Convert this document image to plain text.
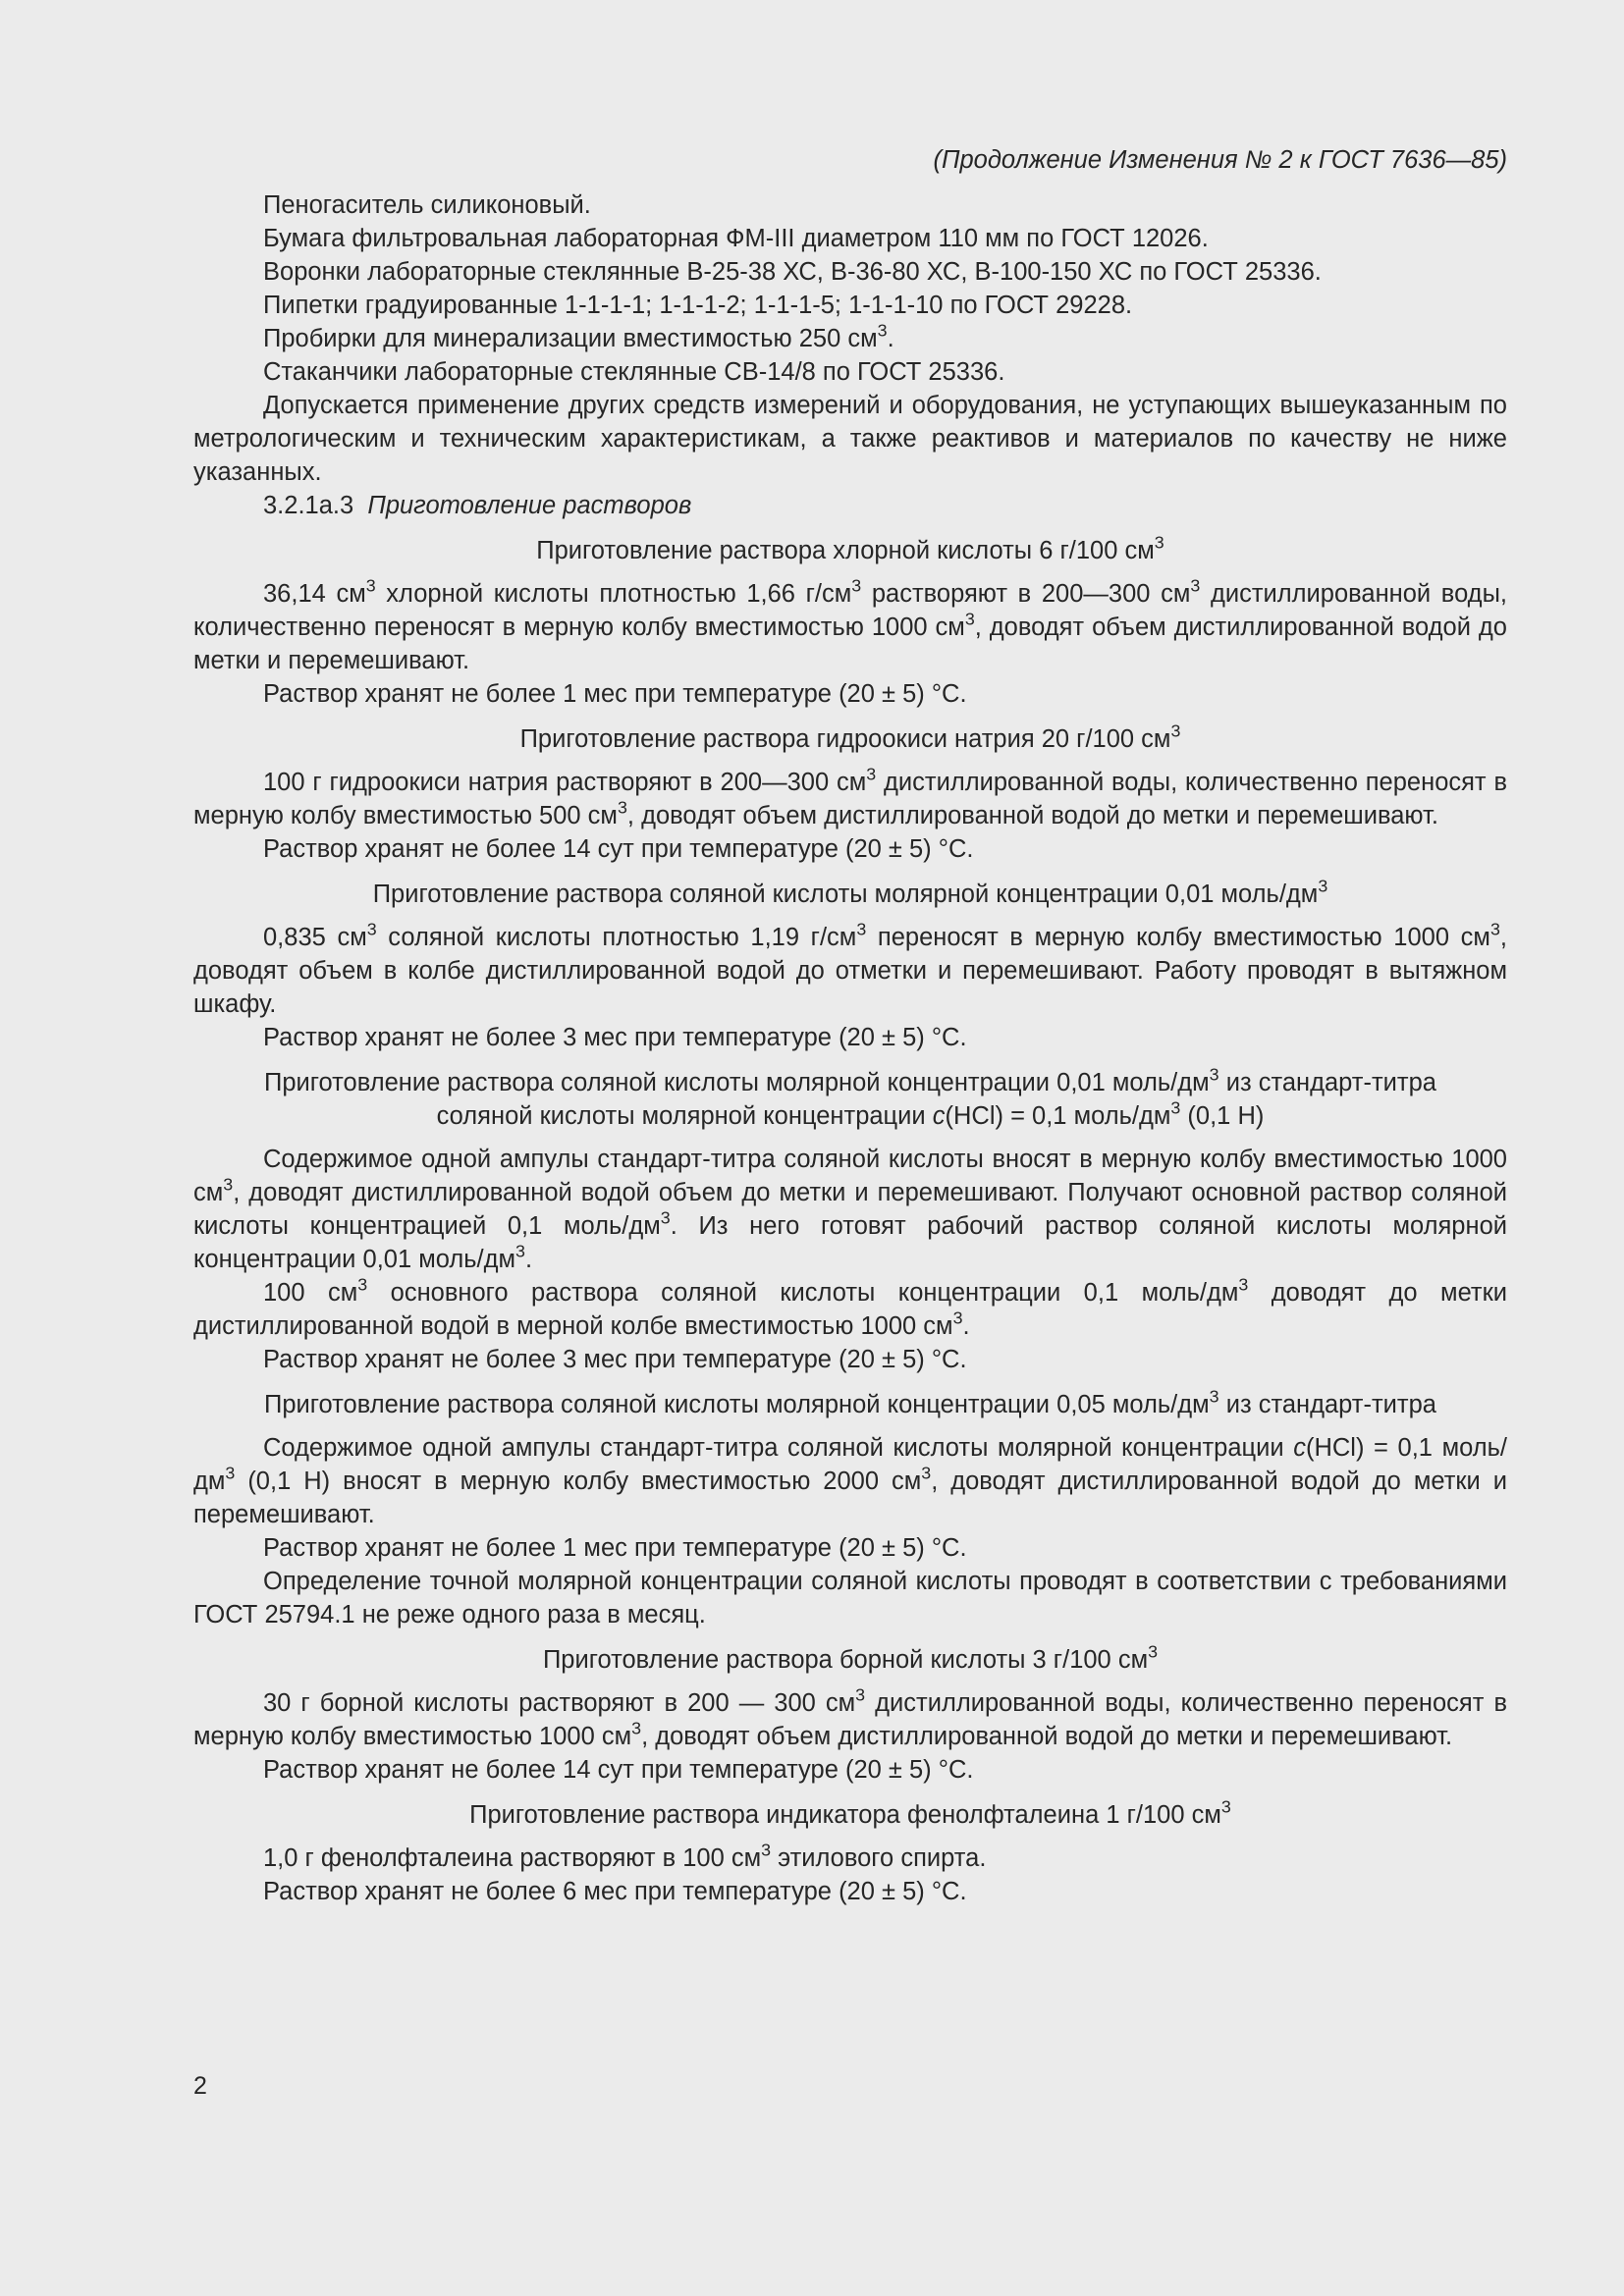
(Продолжение Изменения № 2 к ГОСТ 7636—85)

Пеногаситель силиконовый.

Бумага фильтровальная лабораторная ФМ-III диаметром 110 мм по ГОСТ 12026.

Воронки лабораторные стеклянные В-25-38 ХС, В-36-80 ХС, В-100-150 ХС по ГОСТ 25336.

Пипетки градуированные 1-1-1-1; 1-1-1-2; 1-1-1-5; 1-1-1-10 по ГОСТ 29228.

Пробирки для минерализации вместимостью 250 $см^3$.

Стаканчики лабораторные стеклянные СВ-14/8 по ГОСТ 25336.

Допускается применение других средств измерений и оборудования, не уступающих вышеуказанным по метрологическим и техническим характеристикам, а также реактивов и материалов по качеству не ниже указанных.

3.2.1а.3 Приготовление растворов

Приготовление раствора хлорной кислоты 6 г/100 $см^3$

36,14 $см^3$ хлорной кислоты плотностью 1,66 $г/см^3$ растворяют в 200—300 $см^3$ дистиллированной воды, количественно переносят в мерную колбу вместимостью 1000 $см^3$, доводят объем дистиллированной водой до метки и перемешивают.

Раствор хранят не более 1 мес при температуре (20 ± 5) °С.

Приготовление раствора гидроокиси натрия 20 г/100 $см^3$

100 г гидроокиси натрия растворяют в 200—300 $см^3$ дистиллированной воды, количественно переносят в мерную колбу вместимостью 500 $см^3$, доводят объем дистиллированной водой до метки и перемешивают.

Раствор хранят не более 14 сут при температуре (20 ± 5) °С.

Приготовление раствора соляной кислоты молярной концентрации 0,01 моль/$дм^3$

0,835 $см^3$ соляной кислоты плотностью 1,19 $г/см^3$ переносят в мерную колбу вместимостью 1000 $см^3$, доводят объем в колбе дистиллированной водой до отметки и перемешивают. Работу проводят в вытяжном шкафу.

Раствор хранят не более 3 мес при температуре (20 ± 5) °С.

Приготовление раствора соляной кислоты молярной концентрации 0,01 моль/$дм^3$ из стандарт-титра
соляной кислоты молярной концентрации с(HCl) = 0,1 моль/$дм^3$ (0,1 Н)

Содержимое одной ампулы стандарт-титра соляной кислоты вносят в мерную колбу вместимостью 1000 $см^3$, доводят дистиллированной водой объем до метки и перемешивают. Получают основной раствор соляной кислоты концентрацией 0,1 моль/$дм^3$. Из него готовят рабочий раствор соляной кислоты молярной концентрации 0,01 моль/$дм^3$.

100 $см^3$ основного раствора соляной кислоты концентрации 0,1 моль/$дм^3$ доводят до метки дистиллированной водой в мерной колбе вместимостью 1000 $см^3$.

Раствор хранят не более 3 мес при температуре (20 ± 5) °С.

Приготовление раствора соляной кислоты молярной концентрации 0,05 моль/$дм^3$ из стандарт-титра

Содержимое одной ампулы стандарт-титра соляной кислоты молярной концентрации с(HCl) = 0,1 моль/$дм^3$ (0,1 Н) вносят в мерную колбу вместимостью 2000 $см^3$, доводят дистиллированной водой до метки и перемешивают.

Раствор хранят не более 1 мес при температуре (20 ± 5) °С.

Определение точной молярной концентрации соляной кислоты проводят в соответствии с требованиями ГОСТ 25794.1 не реже одного раза в месяц.

Приготовление раствора борной кислоты 3 г/100 $см^3$

30 г борной кислоты растворяют в 200 — 300 $см^3$ дистиллированной воды, количественно переносят в мерную колбу вместимостью 1000 $см^3$, доводят объем дистиллированной водой до метки и перемешивают.

Раствор хранят не более 14 сут при температуре (20 ± 5) °С.

Приготовление раствора индикатора фенолфталеина 1 г/100 $см^3$

1,0 г фенолфталеина растворяют в 100 $см^3$ этилового спирта.

Раствор хранят не более 6 мес при температуре (20 ± 5) °С.

2
